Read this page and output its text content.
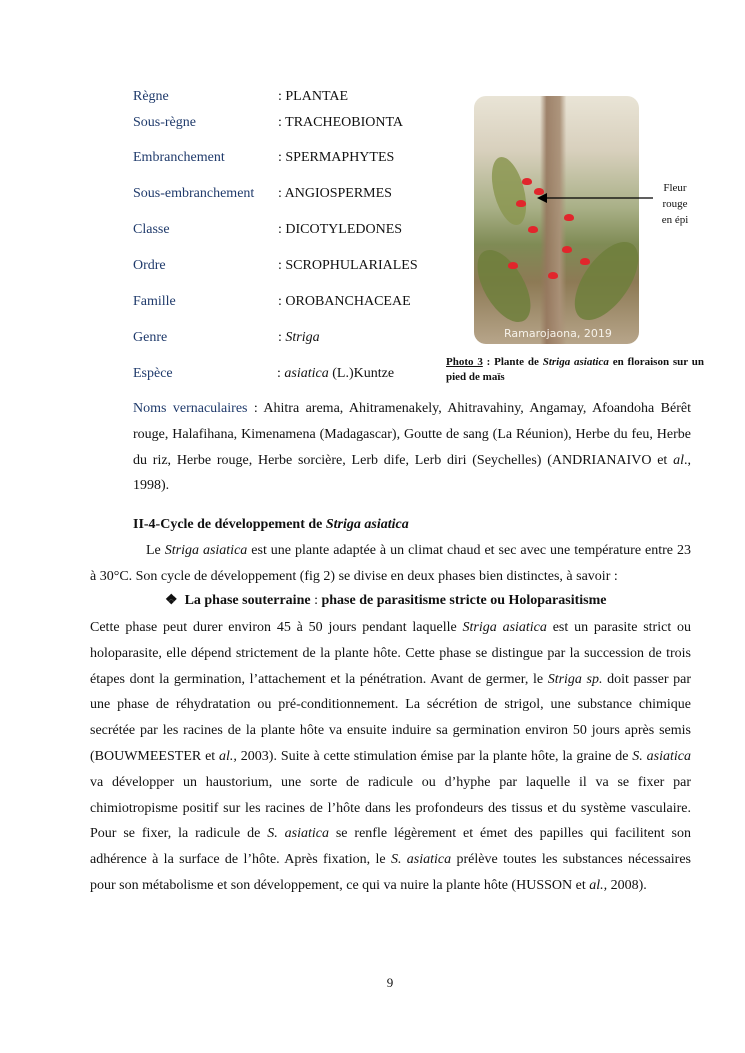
Règne	: PLANTAE
Sous-règne	: TRACHEOBIONTA
Embranchement	: SPERMAPHYTES
Sous-embranchement : ANGIOSPERMES
Classe	: DICOTYLEDONES
Ordre	: SCROPHULARIALES
Famille	: OROBANCHACEAE
Genre	: Striga
Espèce	: asiatica (L.)Kuntze
Ramarojaona, 2019
Fleur
rouge
en épi
Photo 3 : Plante de Striga asiatica en floraison sur un pied de maïs
Noms vernaculaires : Ahitra arema, Ahitramenakely, Ahitravahiny, Angamay, Afoandoha Bérêt rouge, Halafihana, Kimenamena (Madagascar), Goutte de sang (La Réunion), Herbe du feu, Herbe du riz, Herbe rouge, Herbe sorcière, Lerb dife, Lerb diri (Seychelles) (ANDRIANAIVO et al., 1998).
II-4-Cycle de développement de Striga asiatica
Le Striga asiatica est une plante adaptée à un climat chaud et sec avec une température entre 23 à 30°C. Son cycle de développement (fig 2) se divise en deux phases bien distinctes, à savoir :
❖ La phase souterraine : phase de parasitisme stricte ou Holoparasitisme
Cette phase peut durer environ 45 à 50 jours pendant laquelle Striga asiatica est un parasite strict ou holoparasite, elle dépend strictement de la plante hôte. Cette phase se distingue par la succession de trois étapes dont la germination, l’attachement et la pénétration. Avant de germer, le Striga sp. doit passer par une phase de réhydratation ou pré-conditionnement. La sécrétion de strigol, une substance chimique secrétée par les racines de la plante hôte va ensuite induire sa germination environ 50 jours après semis (BOUWMEESTER et al., 2003). Suite à cette stimulation émise par la plante hôte, la graine de S. asiatica va développer un haustorium, une sorte de radicule ou d’hyphe par laquelle il va se fixer par chimiotropisme positif sur les racines de l’hôte dans les profondeurs des tissus et du système vasculaire. Pour se fixer, la radicule de S. asiatica se renfle légèrement et émet des papilles qui facilitent son adhérence à la surface de l’hôte. Après fixation, le S. asiatica prélève toutes les substances nécessaires pour son métabolisme et son développement, ce qui va nuire la plante hôte (HUSSON et al., 2008).
9
